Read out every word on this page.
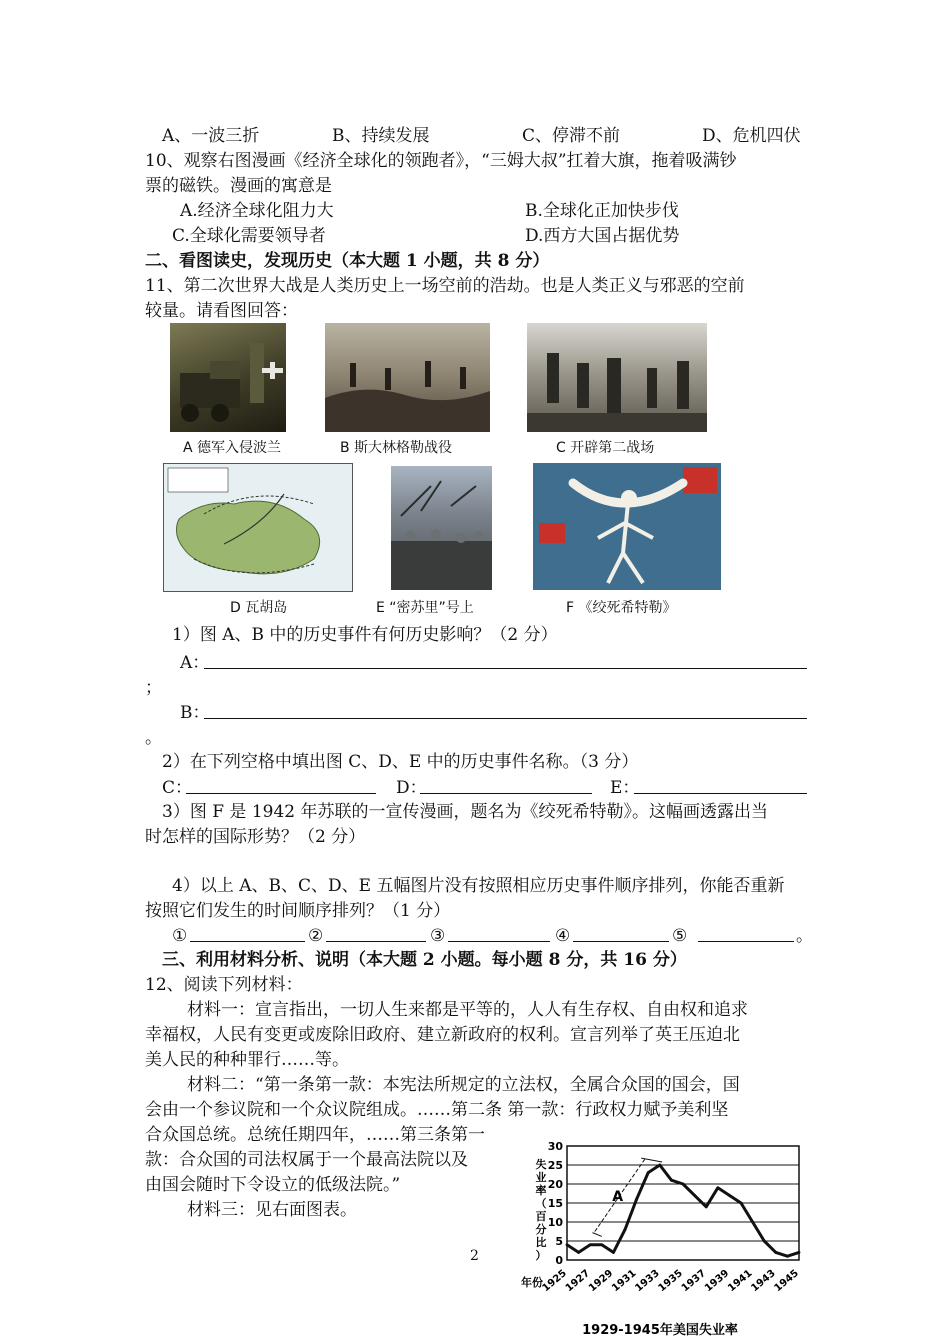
A、一波三折	B、持续发展	C、停滞不前	D、危机四伏
10、观察右图漫画《经济全球化的领跑者》，“三姆大叔”扛着大旗，拖着吸满钞
票的磁铁。漫画的寓意是
A.经济全球化阻力大	B.全球化正加快步伐
C.全球化需要领导者	D.西方大国占据优势
二、看图读史，发现历史（本大题 1 小题，共 8 分）
11、第二次世界大战是人类历史上一场空前的浩劫。也是人类正义与邪恶的空前
较量。请看图回答：
A 德军入侵波兰	B 斯大林格勒战役	C 开辟第二战场
D 瓦胡岛	E “密苏里”号上	F 《绞死希特勒》
1）图 A、B 中的历史事件有何历史影响？（2 分）
A：
；
B：
。
2）在下列空格中填出图 C、D、E 中的历史事件名称。（3 分）
C：	D：	E：
3）图 F 是 1942 年苏联的一宣传漫画，题名为《绞死希特勒》。这幅画透露出当
时怎样的国际形势？（2 分）
4）以上 A、B、C、D、E 五幅图片没有按照相应历史事件顺序排列，你能否重新
按照它们发生的时间顺序排列？（1 分）
①	②	③	④	⑤	。
三、利用材料分析、说明（本大题 2 小题。每小题 8 分，共 16 分）
12、阅读下列材料：
材料一：宣言指出，一切人生来都是平等的，人人有生存权、自由权和追求
幸福权，人民有变更或废除旧政府、建立新政府的权利。宣言列举了英王压迫北
美人民的种种罪行……等。
材料二：“第一条第一款：本宪法所规定的立法权，全属合众国的国会，国
会由一个参议院和一个众议院组成。……第二条 第一款：行政权力赋予美利坚
合众国总统。总统任期四年，……第三条第一
款：合众国的司法权属于一个最高法院以及
由国会随时下令设立的低级法院。”
材料三：见右面图表。
2	0
5
10
15
20
25
30
失
业
率
（
百
分
比
）
1925
1927
1929
1931
1933
1935
1937
1939
1941
1943
1945
年份
A
1929-1945年美国失业率
